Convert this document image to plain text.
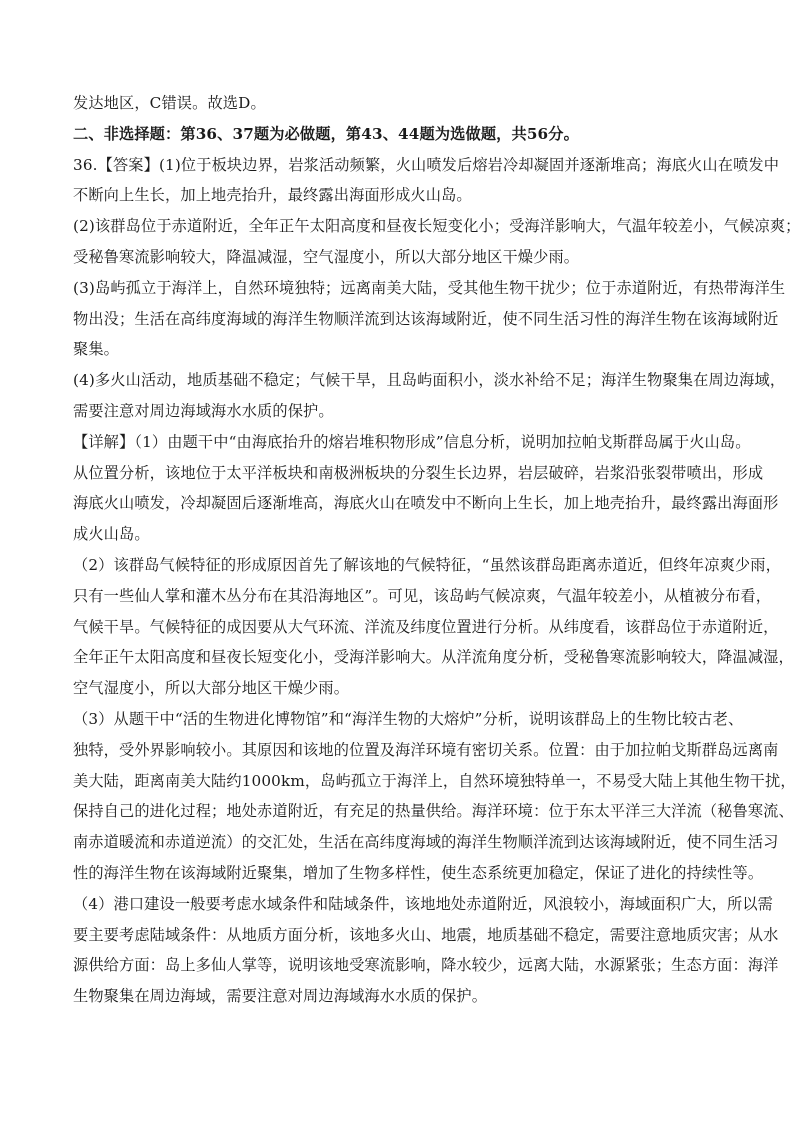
发达地区，C错误。故选D。
二、非选择题：第36、37题为必做题，第43、44题为选做题，共56分。
36.【答案】(1)位于板块边界，岩浆活动频繁，火山喷发后熔岩冷却凝固并逐渐堆高；海底火山在喷发中
不断向上生长，加上地壳抬升，最终露出海面形成火山岛。
(2)该群岛位于赤道附近，全年正午太阳高度和昼夜长短变化小；受海洋影响大，气温年较差小，气候凉爽；
受秘鲁寒流影响较大，降温减湿，空气湿度小，所以大部分地区干燥少雨。
(3)岛屿孤立于海洋上，自然环境独特；远离南美大陆，受其他生物干扰少；位于赤道附近，有热带海洋生
物出没；生活在高纬度海域的海洋生物顺洋流到达该海域附近，使不同生活习性的海洋生物在该海域附近
聚集。
(4)多火山活动，地质基础不稳定；气候干旱，且岛屿面积小，淡水补给不足；海洋生物聚集在周边海域，
需要注意对周边海域海水水质的保护。
【详解】（1）由题干中“由海底抬升的熔岩堆积物形成”信息分析，说明加拉帕戈斯群岛属于火山岛。
从位置分析，该地位于太平洋板块和南极洲板块的分裂生长边界，岩层破碎，岩浆沿张裂带喷出，形成
海底火山喷发，冷却凝固后逐渐堆高，海底火山在喷发中不断向上生长，加上地壳抬升，最终露出海面形
成火山岛。
（2）该群岛气候特征的形成原因首先了解该地的气候特征，“虽然该群岛距离赤道近，但终年凉爽少雨，
只有一些仙人掌和灌木丛分布在其沿海地区”。可见，该岛屿气候凉爽，气温年较差小，从植被分布看，
气候干旱。气候特征的成因要从大气环流、洋流及纬度位置进行分析。从纬度看，该群岛位于赤道附近，
全年正午太阳高度和昼夜长短变化小，受海洋影响大。从洋流角度分析，受秘鲁寒流影响较大，降温减湿，
空气湿度小，所以大部分地区干燥少雨。
（3）从题干中“活的生物进化博物馆”和“海洋生物的大熔炉”分析，说明该群岛上的生物比较古老、
独特，受外界影响较小。其原因和该地的位置及海洋环境有密切关系。位置：由于加拉帕戈斯群岛远离南
美大陆，距离南美大陆约1000km，岛屿孤立于海洋上，自然环境独特单一，不易受大陆上其他生物干扰，
保持自己的进化过程；地处赤道附近，有充足的热量供给。海洋环境：位于东太平洋三大洋流（秘鲁寒流、
南赤道暖流和赤道逆流）的交汇处，生活在高纬度海域的海洋生物顺洋流到达该海域附近，使不同生活习
性的海洋生物在该海域附近聚集，增加了生物多样性，使生态系统更加稳定，保证了进化的持续性等。
（4）港口建设一般要考虑水域条件和陆域条件，该地地处赤道附近，风浪较小，海域面积广大，所以需
要主要考虑陆域条件：从地质方面分析，该地多火山、地震，地质基础不稳定，需要注意地质灾害；从水
源供给方面：岛上多仙人掌等，说明该地受寒流影响，降水较少，远离大陆，水源紧张；生态方面：海洋
生物聚集在周边海域，需要注意对周边海域海水水质的保护。
